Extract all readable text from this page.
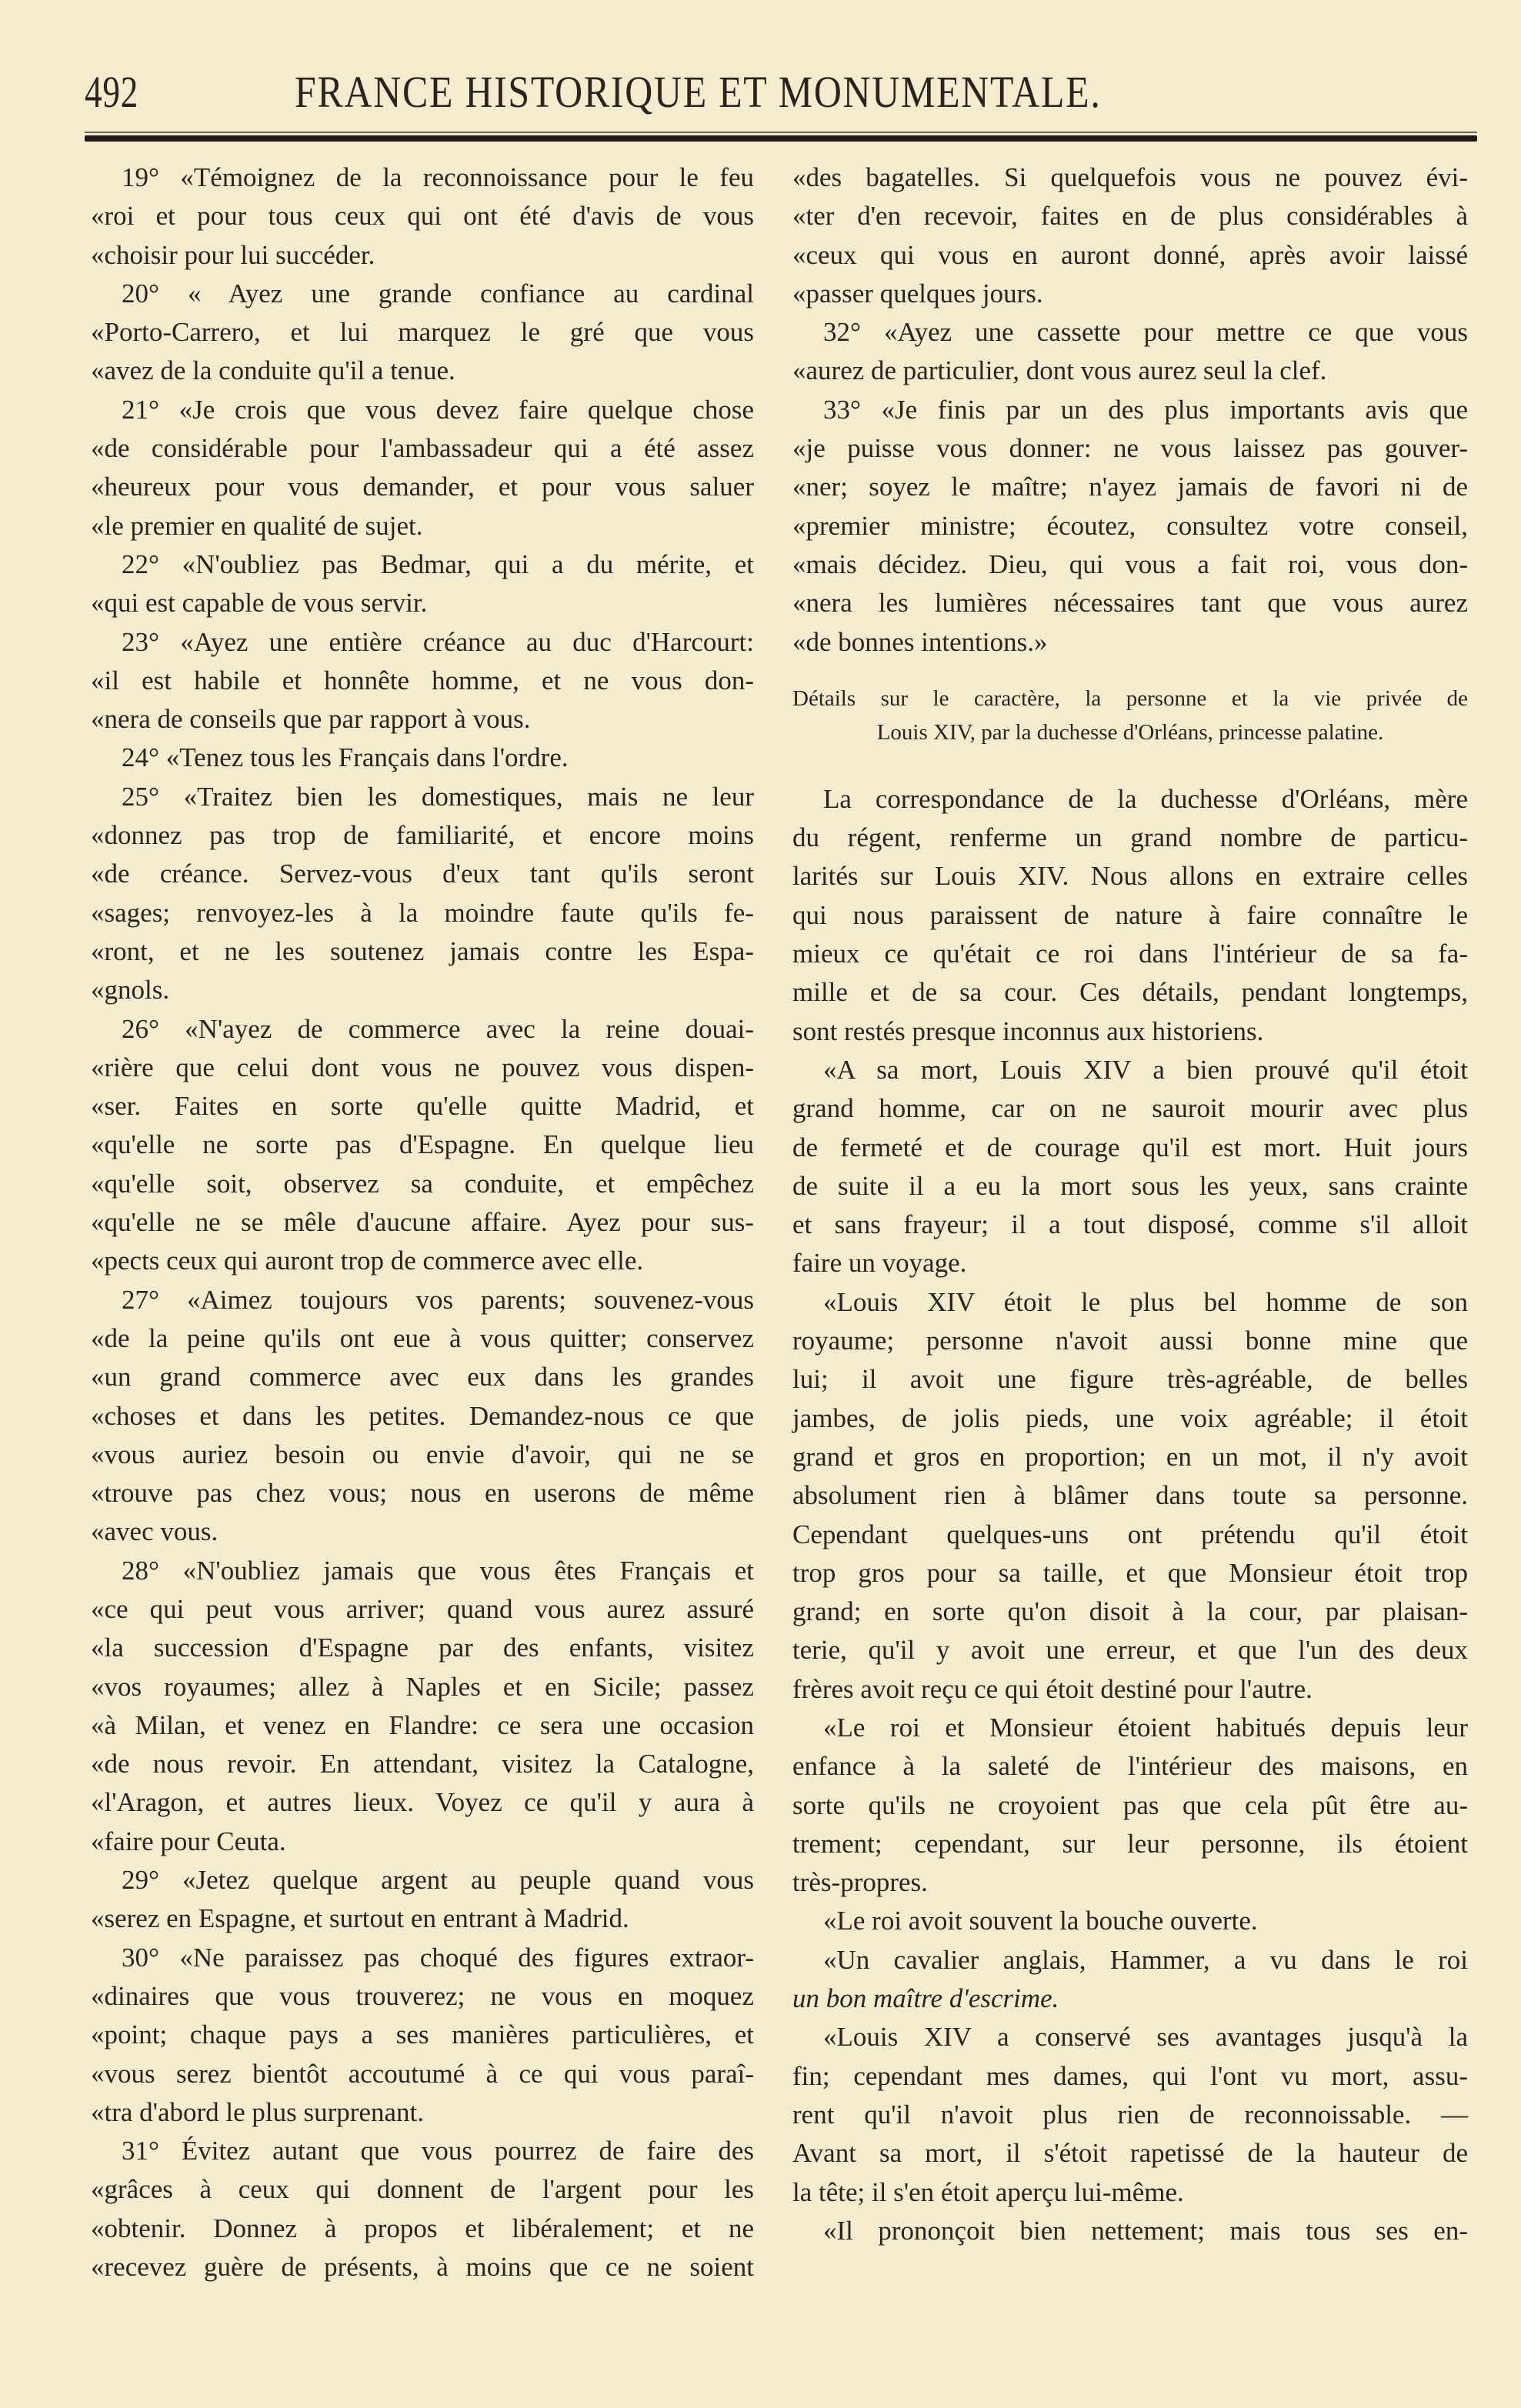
492	FRANCE HISTORIQUE ET MONUMENTALE.
19° «Témoignez de la reconnoissance pour le feu
«roi et pour tous ceux qui ont été d'avis de vous
«choisir pour lui succéder.
20° « Ayez une grande confiance au cardinal
«Porto-Carrero, et lui marquez le gré que vous
«avez de la conduite qu'il a tenue.
21° «Je crois que vous devez faire quelque chose
«de considérable pour l'ambassadeur qui a été assez
«heureux pour vous demander, et pour vous saluer
«le premier en qualité de sujet.
22° «N'oubliez pas Bedmar, qui a du mérite, et
«qui est capable de vous servir.
23° «Ayez une entière créance au duc d'Harcourt:
«il est habile et honnête homme, et ne vous don-
«nera de conseils que par rapport à vous.
24° «Tenez tous les Français dans l'ordre.
25° «Traitez bien les domestiques, mais ne leur
«donnez pas trop de familiarité, et encore moins
«de créance. Servez-vous d'eux tant qu'ils seront
«sages; renvoyez-les à la moindre faute qu'ils fe-
«ront, et ne les soutenez jamais contre les Espa-
«gnols.
26° «N'ayez de commerce avec la reine douai-
«rière que celui dont vous ne pouvez vous dispen-
«ser. Faites en sorte qu'elle quitte Madrid, et
«qu'elle ne sorte pas d'Espagne. En quelque lieu
«qu'elle soit, observez sa conduite, et empêchez
«qu'elle ne se mêle d'aucune affaire. Ayez pour sus-
«pects ceux qui auront trop de commerce avec elle.
27° «Aimez toujours vos parents; souvenez-vous
«de la peine qu'ils ont eue à vous quitter; conservez
«un grand commerce avec eux dans les grandes
«choses et dans les petites. Demandez-nous ce que
«vous auriez besoin ou envie d'avoir, qui ne se
«trouve pas chez vous; nous en userons de même
«avec vous.
28° «N'oubliez jamais que vous êtes Français et
«ce qui peut vous arriver; quand vous aurez assuré
«la succession d'Espagne par des enfants, visitez
«vos royaumes; allez à Naples et en Sicile; passez
«à Milan, et venez en Flandre: ce sera une occasion
«de nous revoir. En attendant, visitez la Catalogne,
«l'Aragon, et autres lieux. Voyez ce qu'il y aura à
«faire pour Ceuta.
29° «Jetez quelque argent au peuple quand vous
«serez en Espagne, et surtout en entrant à Madrid.
30° «Ne paraissez pas choqué des figures extraor-
«dinaires que vous trouverez; ne vous en moquez
«point; chaque pays a ses manières particulières, et
«vous serez bientôt accoutumé à ce qui vous paraî-
«tra d'abord le plus surprenant.
31° Évitez autant que vous pourrez de faire des
«grâces à ceux qui donnent de l'argent pour les
«obtenir. Donnez à propos et libéralement; et ne
«recevez guère de présents, à moins que ce ne soient
«des bagatelles. Si quelquefois vous ne pouvez évi-
«ter d'en recevoir, faites en de plus considérables à
«ceux qui vous en auront donné, après avoir laissé
«passer quelques jours.
32° «Ayez une cassette pour mettre ce que vous
«aurez de particulier, dont vous aurez seul la clef.
33° «Je finis par un des plus importants avis que
«je puisse vous donner: ne vous laissez pas gouver-
«ner; soyez le maître; n'ayez jamais de favori ni de
«premier ministre; écoutez, consultez votre conseil,
«mais décidez. Dieu, qui vous a fait roi, vous don-
«nera les lumières nécessaires tant que vous aurez
«de bonnes intentions.»
Détails sur le caractère, la personne et la vie privée de
Louis XIV, par la duchesse d'Orléans, princesse palatine.
La correspondance de la duchesse d'Orléans, mère
du régent, renferme un grand nombre de particu-
larités sur Louis XIV. Nous allons en extraire celles
qui nous paraissent de nature à faire connaître le
mieux ce qu'était ce roi dans l'intérieur de sa fa-
mille et de sa cour. Ces détails, pendant longtemps,
sont restés presque inconnus aux historiens.
«A sa mort, Louis XIV a bien prouvé qu'il étoit
grand homme, car on ne sauroit mourir avec plus
de fermeté et de courage qu'il est mort. Huit jours
de suite il a eu la mort sous les yeux, sans crainte
et sans frayeur; il a tout disposé, comme s'il alloit
faire un voyage.
«Louis XIV étoit le plus bel homme de son
royaume; personne n'avoit aussi bonne mine que
lui; il avoit une figure très-agréable, de belles
jambes, de jolis pieds, une voix agréable; il étoit
grand et gros en proportion; en un mot, il n'y avoit
absolument rien à blâmer dans toute sa personne.
Cependant quelques-uns ont prétendu qu'il étoit
trop gros pour sa taille, et que Monsieur étoit trop
grand; en sorte qu'on disoit à la cour, par plaisan-
terie, qu'il y avoit une erreur, et que l'un des deux
frères avoit reçu ce qui étoit destiné pour l'autre.
«Le roi et Monsieur étoient habitués depuis leur
enfance à la saleté de l'intérieur des maisons, en
sorte qu'ils ne croyoient pas que cela pût être au-
trement; cependant, sur leur personne, ils étoient
très-propres.
«Le roi avoit souvent la bouche ouverte.
«Un cavalier anglais, Hammer, a vu dans le roi
un bon maître d'escrime.
«Louis XIV a conservé ses avantages jusqu'à la
fin; cependant mes dames, qui l'ont vu mort, assu-
rent qu'il n'avoit plus rien de reconnoissable. —
Avant sa mort, il s'étoit rapetissé de la hauteur de
la tête; il s'en étoit aperçu lui-même.
«Il prononçoit bien nettement; mais tous ses en-
